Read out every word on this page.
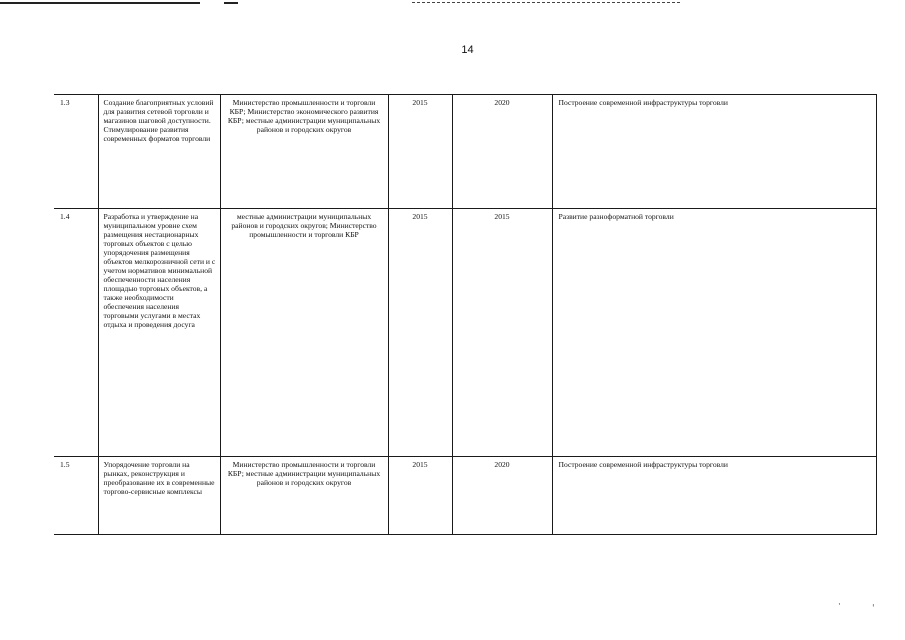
14
1.3	Создание благоприятных условий для развития сетевой торговли и магазинов шаговой доступности. Стимулирование развития современных форматов торговли	Министерство промышленности и торговли КБР; Министерство экономического развития КБР; местные администрации муниципальных районов и городских округов	2015	2020	Построение современной инфраструктуры торговли
1.4	Разработка и утверждение на муниципальном уровне схем размещения нестационарных торговых объектов с целью упорядочения размещения объектов мелкорозничной сети и с учетом нормативов минимальной обеспеченности населения площадью торговых объектов, а также необходимости обеспечения населения торговыми услугами в местах отдыха и проведения досуга	местные администрации муниципальных районов и городских округов; Министерство промышленности и торговли КБР	2015	2015	Развитие разноформатной торговли
1.5	Упорядочение торговли на рынках, реконструкция и преобразование их в современные торгово-сервисные комплексы	Министерство промышленности и торговли КБР; местные администрации муниципальных районов и городских округов	2015	2020	Построение современной инфраструктуры торговли
·	ˌ
